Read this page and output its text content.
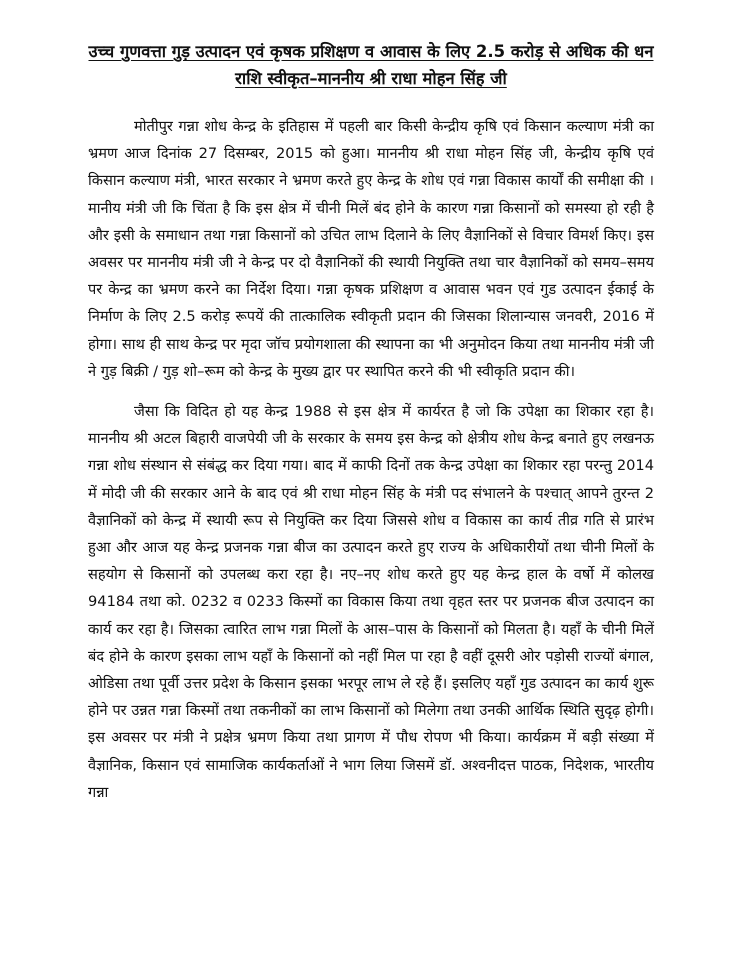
उच्च गुणवत्ता गुड़ उत्पादन एवं कृषक प्रशिक्षण व आवास के लिए 2.5 करोड़ से अधिक की धन राशि स्वीकृत–माननीय श्री राधा मोहन सिंह जी

मोतीपुर गन्ना शोध केन्द्र के इतिहास में पहली बार किसी केन्द्रीय कृषि एवं किसान कल्याण मंत्री का भ्रमण आज दिनांक 27 दिसम्बर, 2015 को हुआ। माननीय श्री राधा मोहन सिंह जी, केन्द्रीय कृषि एवं किसान कल्याण मंत्री, भारत सरकार ने भ्रमण करते हुए केन्द्र के शोध एवं गन्ना विकास कार्यों की समीक्षा की । मानीय मंत्री जी कि चिंता है कि इस क्षेत्र में चीनी मिलें बंद होने के कारण गन्ना किसानों को समस्या हो रही है और इसी के समाधान तथा गन्ना किसानों को उचित लाभ दिलाने के लिए वैज्ञानिकों से विचार विमर्श किए। इस अवसर पर माननीय मंत्री जी ने केन्द्र पर दो वैज्ञानिकों की स्थायी नियुक्ति तथा चार वैज्ञानिकों को समय–समय पर केन्द्र का भ्रमण करने का निर्देश दिया। गन्ना कृषक प्रशिक्षण व आवास भवन एवं गुड उत्पादन ईकाई के निर्माण के लिए 2.5 करोड़ रूपयें की तात्कालिक स्वीकृती प्रदान की जिसका शिलान्यास जनवरी, 2016 में होगा। साथ ही साथ केन्द्र पर मृदा जॉच प्रयोगशाला की स्थापना का भी अनुमोदन किया तथा माननीय मंत्री जी ने गुड़ बिक्री / गुड़ शो–रूम को केन्द्र के मुख्य द्वार पर स्थापित करने की भी स्वीकृति प्रदान की।

जैसा कि विदित हो यह केन्द्र 1988 से इस क्षेत्र में कार्यरत है जो कि उपेक्षा का शिकार रहा है। माननीय श्री अटल बिहारी वाजपेयी जी के सरकार के समय इस केन्द्र को क्षेत्रीय शोध केन्द्र बनाते हुए लखनऊ गन्ना शोध संस्थान से संबंद्ध कर दिया गया। बाद में काफी दिनों तक केन्द्र उपेक्षा का शिकार रहा परन्तु 2014 में मोदी जी की सरकार आने के बाद एवं श्री राधा मोहन सिंह के मंत्री पद संभालने के पश्चात् आपने तुरन्त 2 वैज्ञानिकों को केन्द्र में स्थायी रूप से नियुक्ति कर दिया जिससे शोध व विकास का कार्य तीव्र गति से प्रारंभ हुआ और आज यह केन्द्र प्रजनक गन्ना बीज का उत्पादन करते हुए राज्य के अधिकारीयों तथा चीनी मिलों के सहयोग से किसानों को उपलब्ध करा रहा है। नए–नए शोध करते हुए यह केन्द्र हाल के वर्षो में कोलख 94184 तथा को. 0232 व 0233 किस्मों का विकास किया तथा वृहत स्तर पर प्रजनक बीज उत्पादन का कार्य कर रहा है। जिसका त्वारित लाभ गन्ना मिलों के आस–पास के किसानों को मिलता है। यहाँ के चीनी मिलें बंद होने के कारण इसका लाभ यहाँ के किसानों को नहीं मिल पा रहा है वहीं दूसरी ओर पड़ोसी राज्यों बंगाल, ओडिसा तथा पूर्वी उत्तर प्रदेश के किसान इसका भरपूर लाभ ले रहे हैं। इसलिए यहाँ गुड उत्पादन का कार्य शुरू होने पर उन्नत गन्ना किस्मों तथा तकनीकों का लाभ किसानों को मिलेगा तथा उनकी आर्थिक स्थिति सुदृढ़ होगी। इस अवसर पर मंत्री ने प्रक्षेत्र भ्रमण किया तथा प्रागण में पौध रोपण भी किया। कार्यक्रम में बड़ी संख्या में वैज्ञानिक, किसान एवं सामाजिक कार्यकर्ताओं ने भाग लिया जिसमें डॉ. अश्वनीदत्त पाठक, निदेशक, भारतीय गन्ना
